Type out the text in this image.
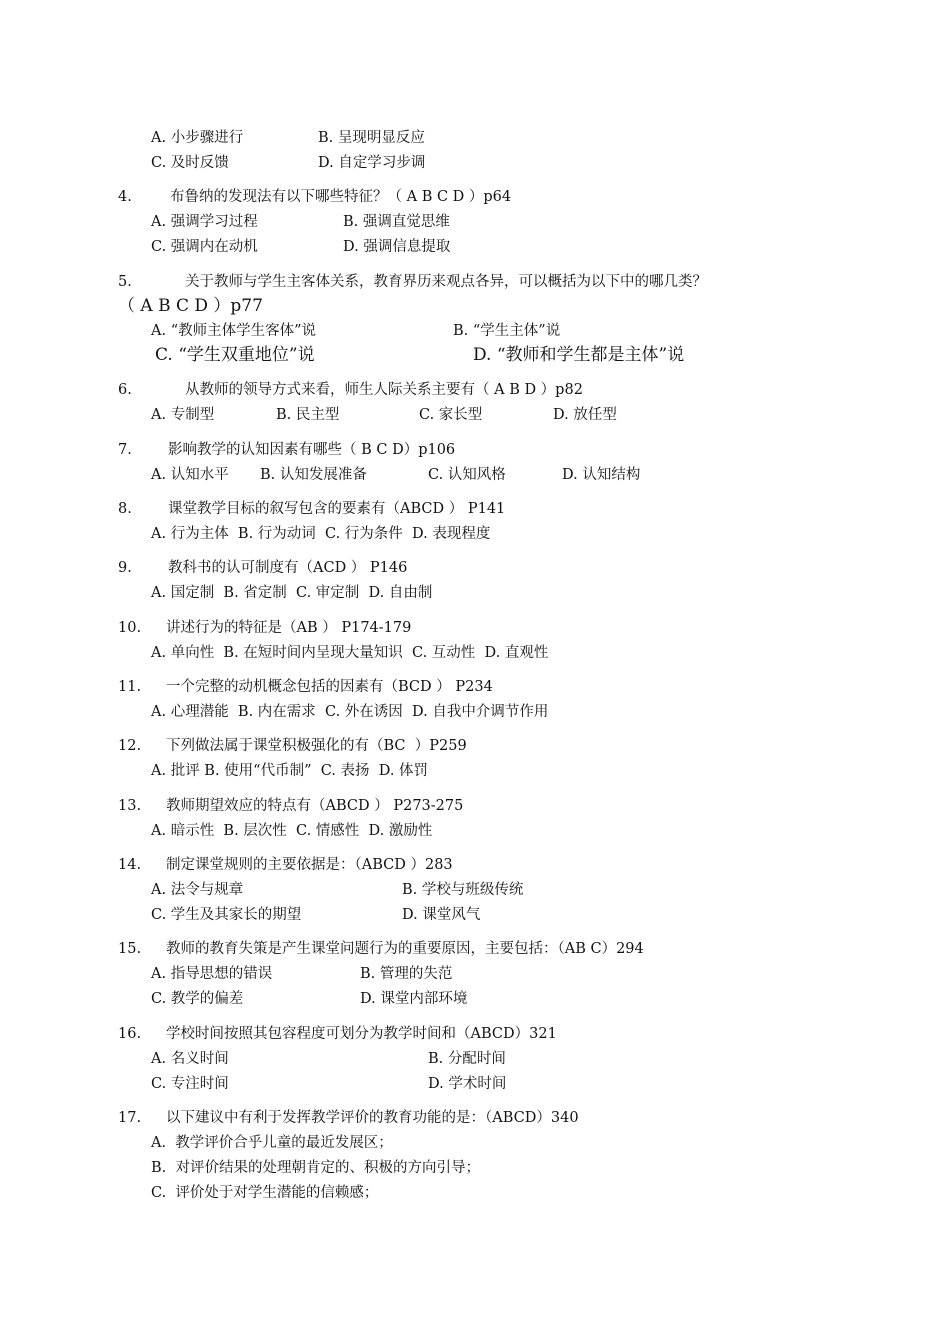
A. 小步骤进行	B. 呈现明显反应
C. 及时反馈	D. 自定学习步调
4.	布鲁纳的发现法有以下哪些特征？（ A B C D ）p64
A. 强调学习过程	B. 强调直觉思维
C. 强调内在动机	D. 强调信息提取
5.	关于教师与学生主客体关系，教育界历来观点各异，可以概括为以下中的哪几类？
（ A B C D ）p77
A. “教师主体学生客体”说	B. “学生主体”说
C. “学生双重地位”说	D. “教师和学生都是主体”说
6.	从教师的领导方式来看，师生人际关系主要有（ A B D ）p82
A. 专制型	B. 民主型	C. 家长型	D. 放任型
7. 影响教学的认知因素有哪些（ B C D）p106
A. 认知水平 B. 认知发展准备	C. 认知风格	D. 认知结构
8. 课堂教学目标的叙写包含的要素有（ABCD ） P141
A. 行为主体  B. 行为动词  C. 行为条件  D. 表现程度
9. 教科书的认可制度有（ACD ） P146
A. 国定制  B. 省定制  C. 审定制  D. 自由制
10. 讲述行为的特征是（AB ） P174-179
A. 单向性  B. 在短时间内呈现大量知识  C. 互动性  D. 直观性
11. 一个完整的动机概念包括的因素有（BCD ） P234
A. 心理潜能  B. 内在需求  C. 外在诱因  D. 自我中介调节作用
12. 下列做法属于课堂积极强化的有（BC  ）P259
A. 批评 B. 使用“代币制”  C. 表扬  D. 体罚
13. 教师期望效应的特点有（ABCD ） P273-275
A. 暗示性  B. 层次性  C. 情感性  D. 激励性
14. 制定课堂规则的主要依据是：（ABCD ）283
A. 法令与规章	B. 学校与班级传统
C. 学生及其家长的期望	D. 课堂风气
15. 教师的教育失策是产生课堂问题行为的重要原因，主要包括：（AB C）294
A. 指导思想的错误	B. 管理的失范
C. 教学的偏差	D. 课堂内部环境
16. 学校时间按照其包容程度可划分为教学时间和（ABCD）321
A. 名义时间	B. 分配时间
C. 专注时间	D. 学术时间
17. 以下建议中有利于发挥教学评价的教育功能的是：（ABCD）340
A.  教学评价合乎儿童的最近发展区；
B.  对评价结果的处理朝肯定的、积极的方向引导；
C.  评价处于对学生潜能的信赖感；
